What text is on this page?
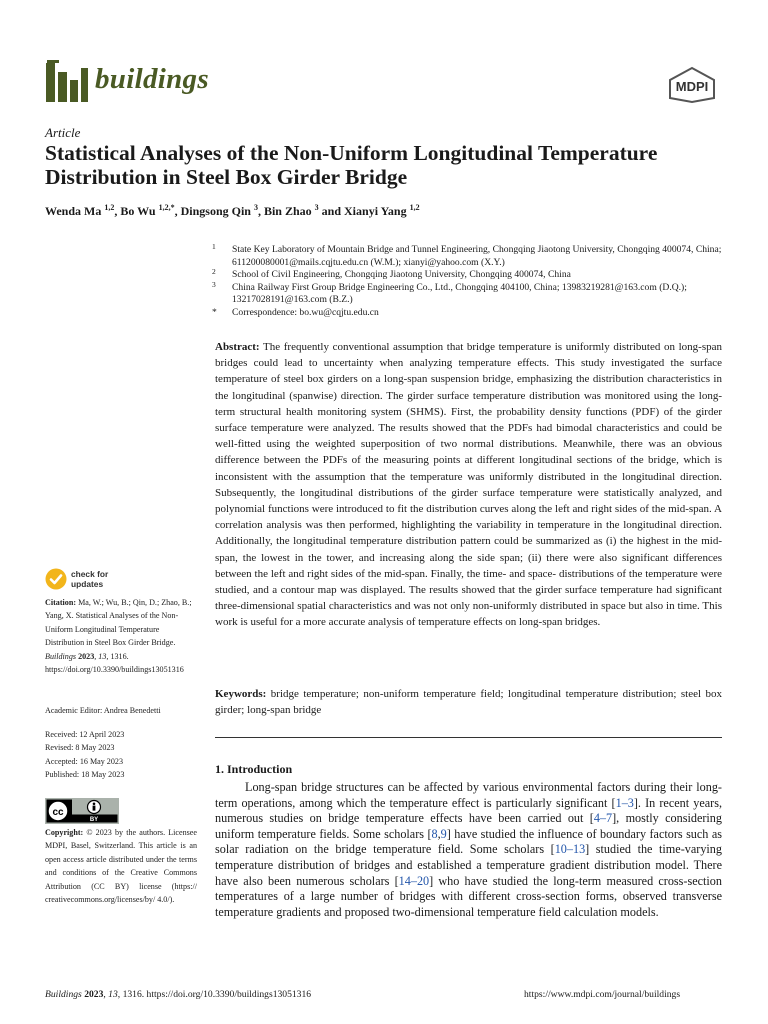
buildings	MDPI
Article
Statistical Analyses of the Non-Uniform Longitudinal Temperature Distribution in Steel Box Girder Bridge
Wenda Ma $^{1,2}$, Bo Wu $^{1,2,*}$, Dingsong Qin $^3$, Bin Zhao $^3$ and Xianyi Yang $^{1,2}$
1 State Key Laboratory of Mountain Bridge and Tunnel Engineering, Chongqing Jiaotong University, Chongqing 400074, China; 611200080001@mails.cqjtu.edu.cn (W.M.); xianyi@yahoo.com (X.Y.)
2 School of Civil Engineering, Chongqing Jiaotong University, Chongqing 400074, China
3 China Railway First Group Bridge Engineering Co., Ltd., Chongqing 404100, China; 13983219281@163.com (D.Q.); 13217028191@163.com (B.Z.)
* Correspondence: bo.wu@cqjtu.edu.cn
Abstract: The frequently conventional assumption that bridge temperature is uniformly distributed on long-span bridges could lead to uncertainty when analyzing temperature effects. This study investigated the surface temperature of steel box girders on a long-span suspension bridge, emphasizing the distribution characteristics in the longitudinal (spanwise) direction. The girder surface temperature distribution was monitored using the long-term structural health monitoring system (SHMS). First, the probability density functions (PDF) of the girder surface temperature were analyzed. The results showed that the PDFs had bimodal characteristics and could be well-fitted using the weighted superposition of two normal distributions. Meanwhile, there was an obvious difference between the PDFs of the measuring points at different longitudinal sections of the bridge, which is inconsistent with the assumption that the temperature was uniformly distributed in the longitudinal direction. Subsequently, the longitudinal distributions of the girder surface temperature were statistically analyzed, and polynomial functions were introduced to fit the distribution curves along the left and right sides of the mid-span. A correlation analysis was then performed, highlighting the variability in temperature in the longitudinal direction. Additionally, the longitudinal temperature distribution pattern could be summarized as (i) the highest in the mid-span, the lowest in the tower, and increasing along the side span; (ii) there were also significant differences between the left and right sides of the mid-span. Finally, the time- and space- distributions of the temperature were studied, and a contour map was displayed. The results showed that the girder surface temperature had significant three-dimensional spatial characteristics and was not only non-uniformly distributed in space but also in time. This work is useful for a more accurate analysis of temperature effects on long-span bridges.
Keywords: bridge temperature; non-uniform temperature field; longitudinal temperature distribution; steel box girder; long-span bridge
1. Introduction
Long-span bridge structures can be affected by various environmental factors during their long-term operations, among which the temperature effect is particularly significant [1–3]. In recent years, numerous studies on bridge temperature effects have been carried out [4–7], mostly considering uniform temperature fields. Some scholars [8,9] have studied the influence of boundary factors such as solar radiation on the bridge temperature field. Some scholars [10–13] studied the time-varying temperature distribution of bridges and established a temperature gradient distribution model. There have also been numerous scholars [14–20] who have studied the long-term measured cross-section temperatures of a large number of bridges with different cross-section forms, observed transverse temperature gradients and proposed two-dimensional temperature field calculation models.
check for
updates
Citation: Ma, W.; Wu, B.; Qin, D.; Zhao, B.; Yang, X. Statistical Analyses of the Non-Uniform Longitudinal Temperature Distribution in Steel Box Girder Bridge. Buildings 2023, 13, 1316. https://doi.org/10.3390/buildings13051316
Academic Editor: Andrea Benedetti
Received: 12 April 2023
Revised: 8 May 2023
Accepted: 16 May 2023
Published: 18 May 2023
cc
BY
Copyright: © 2023 by the authors. Licensee MDPI, Basel, Switzerland. This article is an open access article distributed under the terms and conditions of the Creative Commons Attribution (CC BY) license (https:// creativecommons.org/licenses/by/ 4.0/).
Buildings 2023, 13, 1316. https://doi.org/10.3390/buildings13051316	https://www.mdpi.com/journal/buildings
